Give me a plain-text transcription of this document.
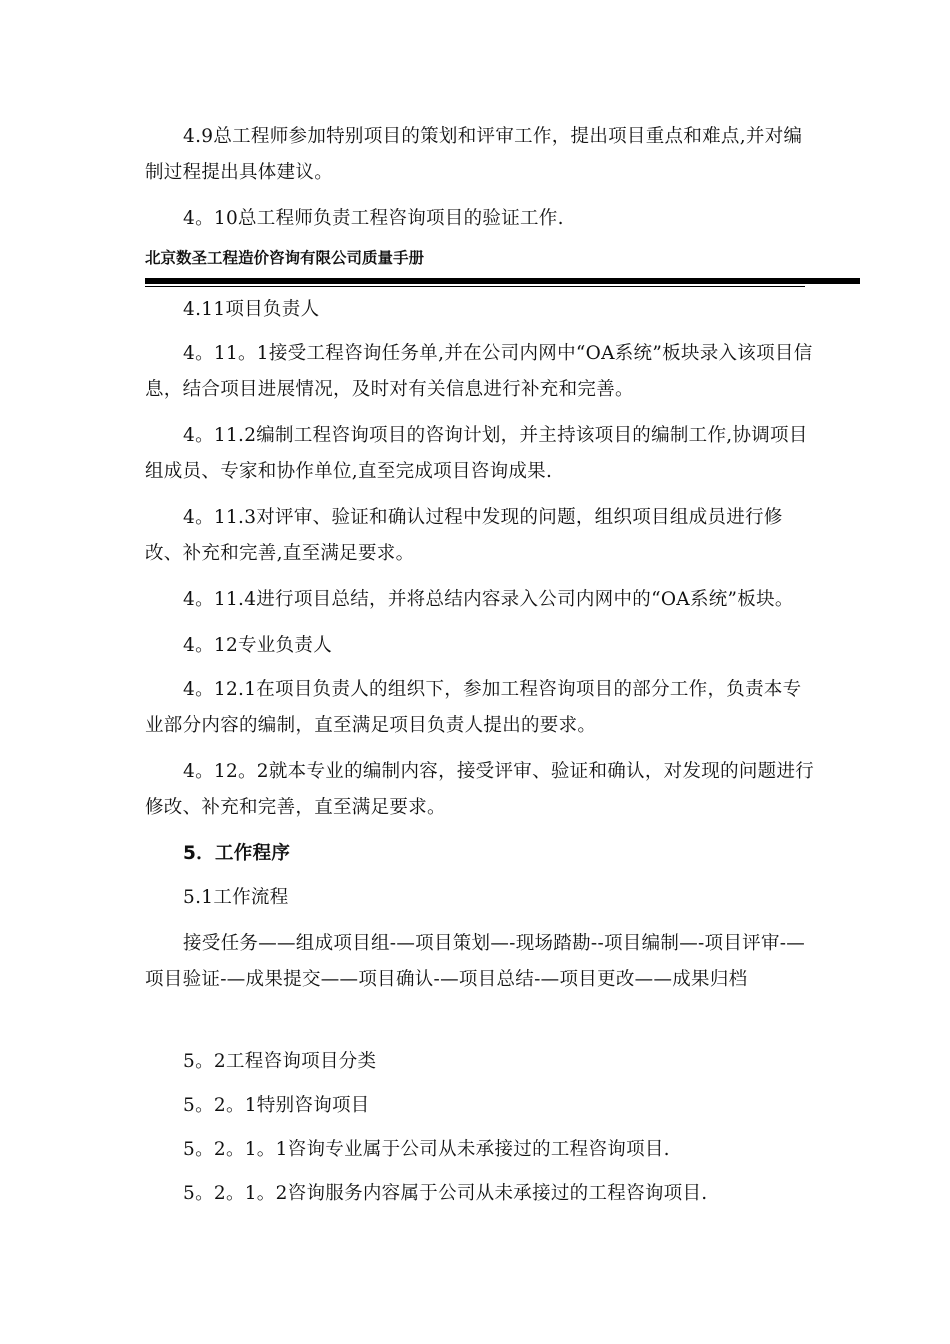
4.9总工程师参加特别项目的策划和评审工作，提出项目重点和难点,并对编制过程提出具体建议。

4。10总工程师负责工程咨询项目的验证工作.

北京数圣工程造价咨询有限公司质量手册

4.11项目负责人

4。11。1接受工程咨询任务单,并在公司内网中“OA系统”板块录入该项目信息，结合项目进展情况，及时对有关信息进行补充和完善。

4。11.2编制工程咨询项目的咨询计划，并主持该项目的编制工作,协调项目组成员、专家和协作单位,直至完成项目咨询成果.

4。11.3对评审、验证和确认过程中发现的问题，组织项目组成员进行修改、补充和完善,直至满足要求。

4。11.4进行项目总结，并将总结内容录入公司内网中的“OA系统”板块。

4。12专业负责人

4。12.1在项目负责人的组织下，参加工程咨询项目的部分工作，负责本专业部分内容的编制，直至满足项目负责人提出的要求。

4。12。2就本专业的编制内容，接受评审、验证和确认，对发现的问题进行修改、补充和完善，直至满足要求。

5．工作程序

5.1工作流程

接受任务——组成项目组-—项目策划—-现场踏勘--项目编制—-项目评审-—项目验证-—成果提交——项目确认-—项目总结-—项目更改——成果归档

5。2工程咨询项目分类

5。2。1特别咨询项目

5。2。1。1咨询专业属于公司从未承接过的工程咨询项目.

5。2。1。2咨询服务内容属于公司从未承接过的工程咨询项目.
